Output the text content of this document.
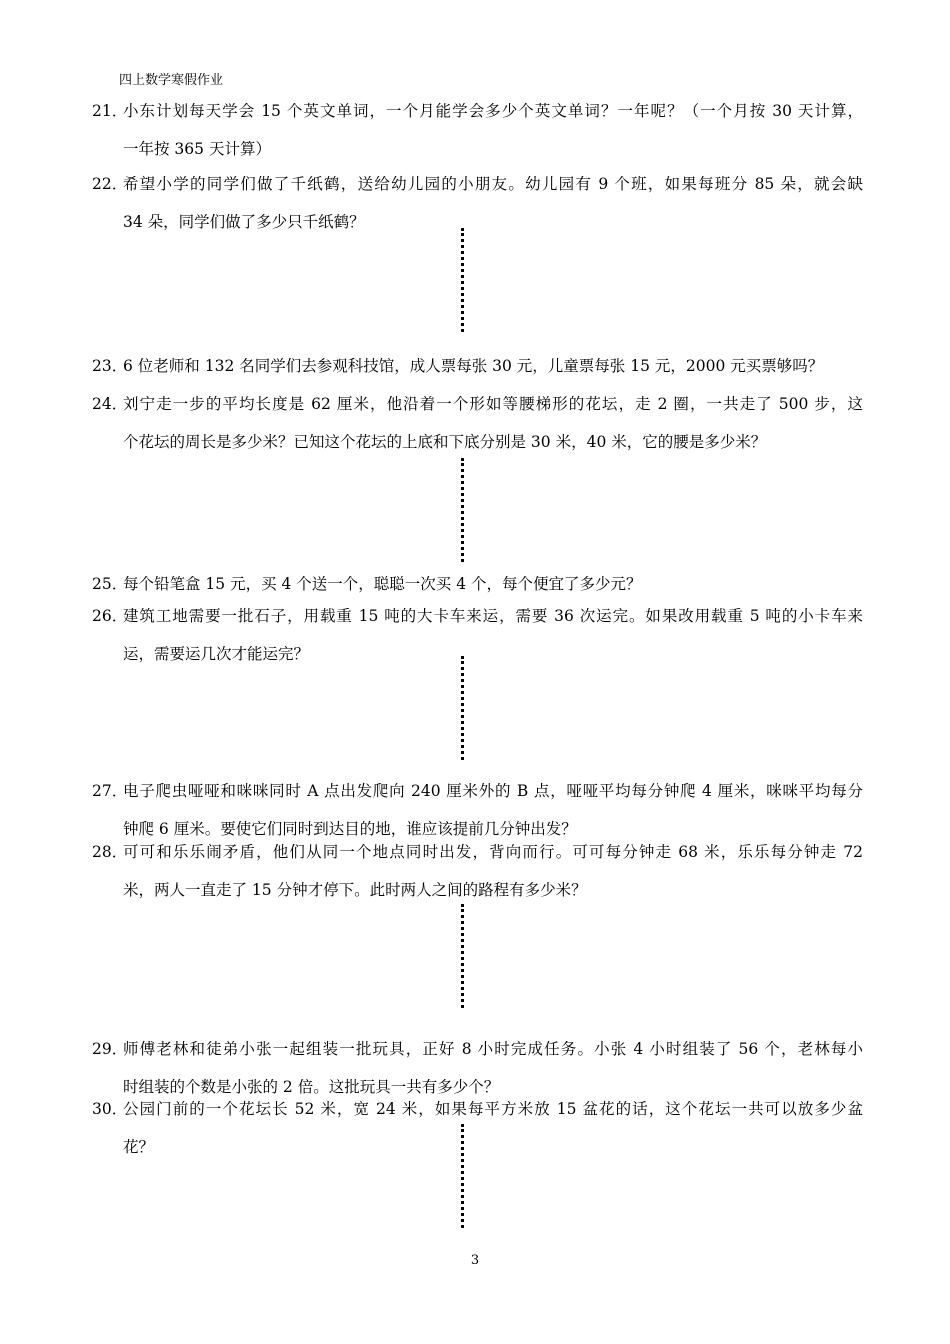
四上数学寒假作业
21．
小东计划每天学会 15 个英文单词，一个月能学会多少个英文单词？一年呢？（一个月按 30 天计算，
一年按 365 天计算）
22．
希望小学的同学们做了千纸鹤，送给幼儿园的小朋友。幼儿园有 9 个班，如果每班分 85 朵，就会缺
34 朵，同学们做了多少只千纸鹤？
23．
6 位老师和 132 名同学们去参观科技馆，成人票每张 30 元，儿童票每张 15 元，2000 元买票够吗？
24．
刘宁走一步的平均长度是 62 厘米，他沿着一个形如等腰梯形的花坛，走 2 圈，一共走了 500 步，这
个花坛的周长是多少米？已知这个花坛的上底和下底分别是 30 米，40 米，它的腰是多少米？
25．
每个铅笔盒 15 元，买 4 个送一个，聪聪一次买 4 个，每个便宜了多少元？
26．
建筑工地需要一批石子，用载重 15 吨的大卡车来运，需要 36 次运完。如果改用载重 5 吨的小卡车来
运，需要运几次才能运完？
27．
电子爬虫哑哑和咪咪同时 A 点出发爬向 240 厘米外的 B 点，哑哑平均每分钟爬 4 厘米，咪咪平均每分
钟爬 6 厘米。要使它们同时到达目的地，谁应该提前几分钟出发？
28．
可可和乐乐闹矛盾，他们从同一个地点同时出发，背向而行。可可每分钟走 68 米，乐乐每分钟走 72
米，两人一直走了 15 分钟才停下。此时两人之间的路程有多少米？
29．
师傅老林和徒弟小张一起组装一批玩具，正好 8 小时完成任务。小张 4 小时组装了 56 个，老林每小
时组装的个数是小张的 2 倍。这批玩具一共有多少个？
30．
公园门前的一个花坛长 52 米，宽 24 米，如果每平方米放 15 盆花的话，这个花坛一共可以放多少盆
花？
3
